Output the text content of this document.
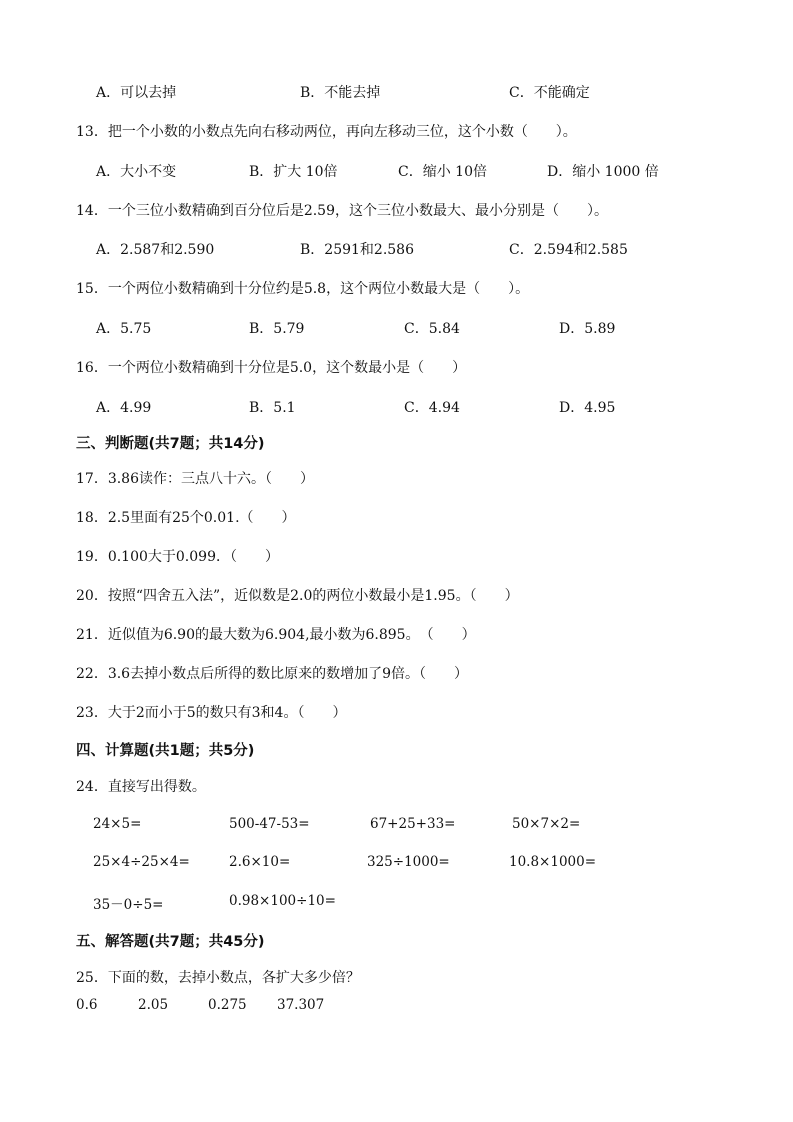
A．可以去掉	B．不能去掉	C．不能确定
13．把一个小数的小数点先向右移动两位，再向左移动三位，这个小数（　　）。
A．大小不变	B．扩大 10倍	C．缩小 10倍	D．缩小 1000 倍
14．一个三位小数精确到百分位后是2.59，这个三位小数最大、最小分别是（　　）。
A．2.587和2.590	B．2591和2.586	C．2.594和2.585
15．一个两位小数精确到十分位约是5.8，这个两位小数最大是（　　）。
A．5.75	B．5.79	C．5.84	D．5.89
16．一个两位小数精确到十分位是5.0，这个数最小是（　　）
A．4.99	B．5.1	C．4.94	D．4.95
三、判断题(共7题；共14分)
17．3.86读作：三点八十六。（　　）
18．2.5里面有25个0.01.（　　）
19．0.100大于0.099．（　　）
20．按照“四舍五入法”，近似数是2.0的两位小数最小是1.95。（　　）
21．近似值为6.90的最大数为6.904,最小数为6.895。　（　　）
22．3.6去掉小数点后所得的数比原来的数增加了9倍。（　　）
23．大于2而小于5的数只有3和4。（　　）
四、计算题(共1题；共5分)
24．直接写出得数。
24×5=	500-47-53=	67+25+33=	50×7×2=
25×4÷25×4=	2.6×10=	325÷1000=	10.8×1000=
35－0÷5=	0.98×100÷10=
五、解答题(共7题；共45分)
25．下面的数，去掉小数点，各扩大多少倍？
0.6	2.05	0.275 37.307
